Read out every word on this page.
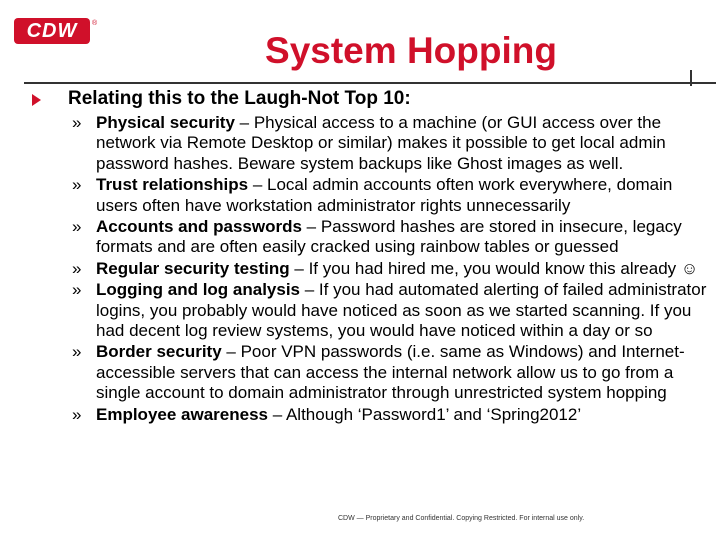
CDW ®
System Hopping
Relating this to the Laugh-Not Top 10:
» Physical security – Physical access to a machine (or GUI access over the network via Remote Desktop or similar) makes it possible to get local admin password hashes. Beware system backups like Ghost images as well.
» Trust relationships – Local admin accounts often work everywhere, domain users often have workstation administrator rights unnecessarily
» Accounts and passwords – Password hashes are stored in insecure, legacy formats and are often easily cracked using rainbow tables or guessed
» Regular security testing – If you had hired me, you would know this already ☺
» Logging and log analysis – If you had automated alerting of failed administrator logins, you probably would have noticed as soon as we started scanning. If you had decent log review systems, you would have noticed within a day or so
» Border security – Poor VPN passwords (i.e. same as Windows) and Internet-accessible servers that can access the internal network allow us to go from a single account to domain administrator through unrestricted system hopping
» Employee awareness – Although ‘Password1’ and ‘Spring2012’
CDW — Proprietary and Confidential. Copying Restricted. For internal use only.
